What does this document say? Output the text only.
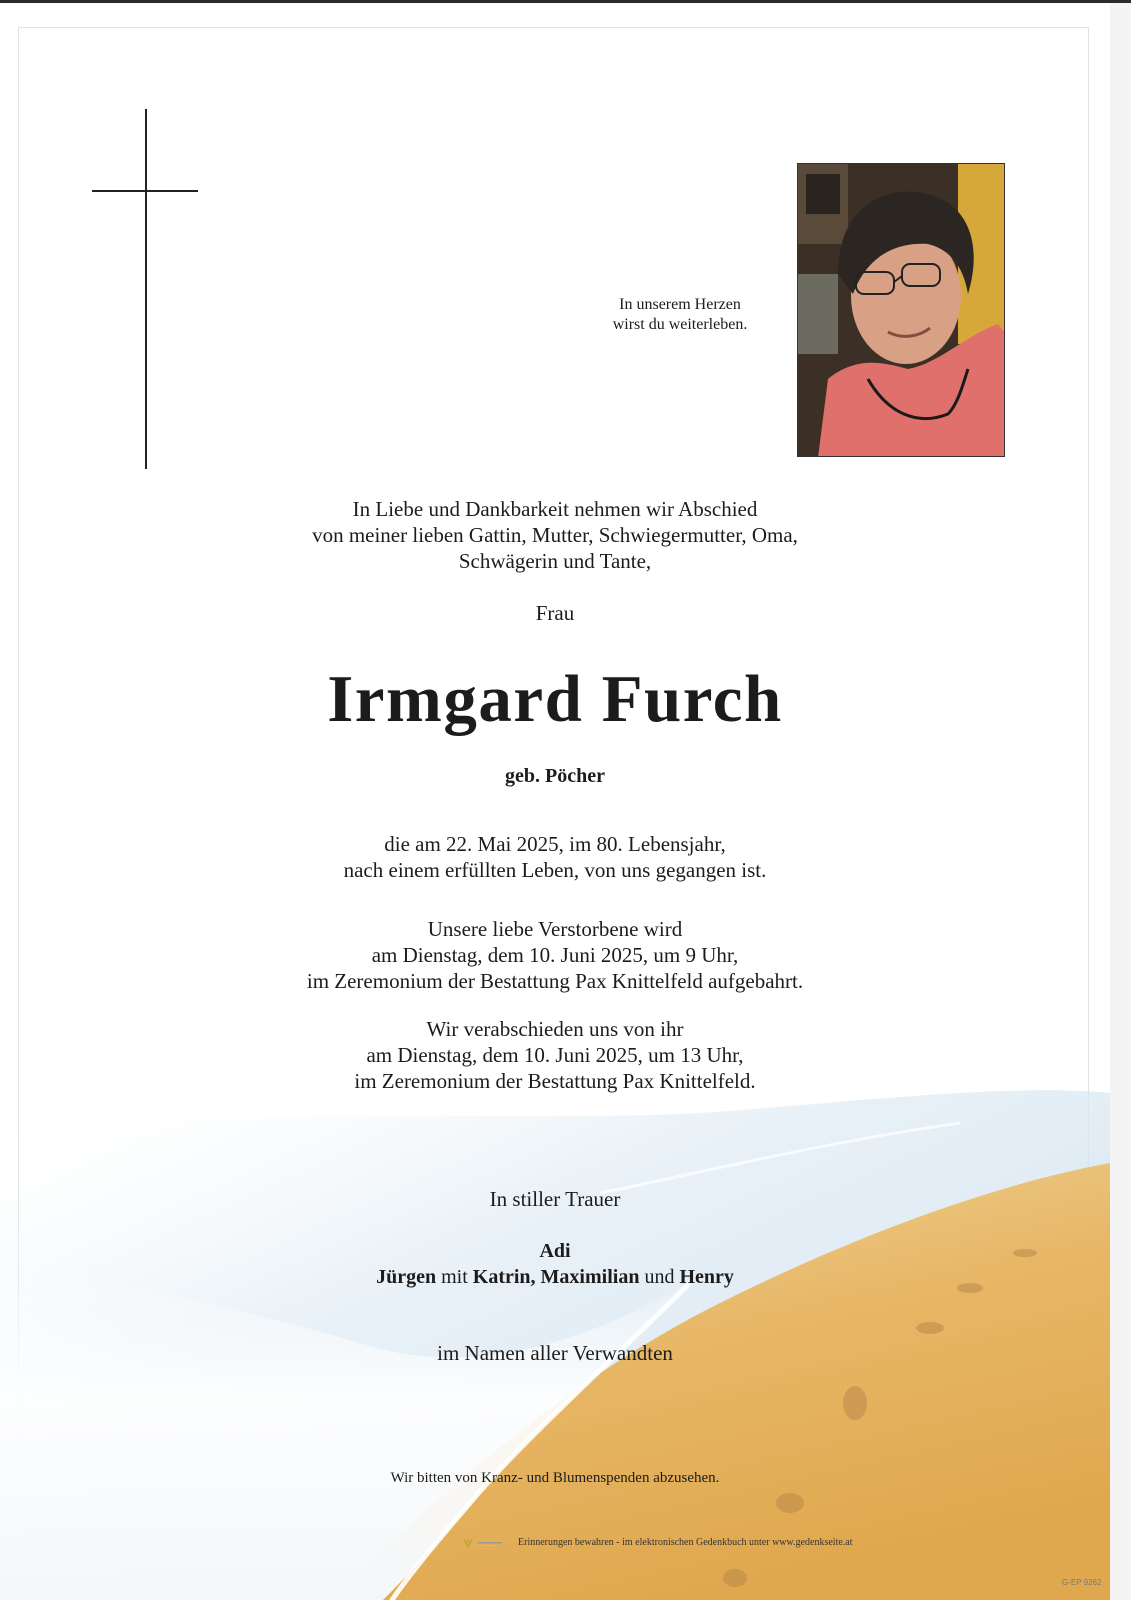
In unserem Herzen
wirst du weiterleben.
In Liebe und Dankbarkeit nehmen wir Abschied
von meiner lieben Gattin, Mutter, Schwiegermutter, Oma,
Schwägerin und Tante,
Frau
Irmgard Furch
geb. Pöcher
die am 22. Mai 2025, im 80. Lebensjahr,
nach einem erfüllten Leben, von uns gegangen ist.
Unsere liebe Verstorbene wird
am Dienstag, dem 10. Juni 2025, um 9 Uhr,
im Zeremonium der Bestattung Pax Knittelfeld aufgebahrt.
Wir verabschieden uns von ihr
am Dienstag, dem 10. Juni 2025, um 13 Uhr,
im Zeremonium der Bestattung Pax Knittelfeld.
In stiller Trauer
Adi
Jürgen mit Katrin, Maximilian und Henry
im Namen aller Verwandten
Wir bitten von Kranz- und Blumenspenden abzusehen.
Erinnerungen bewahren - im elektronischen Gedenkbuch unter www.gedenkseite.at
G-EP 9262
